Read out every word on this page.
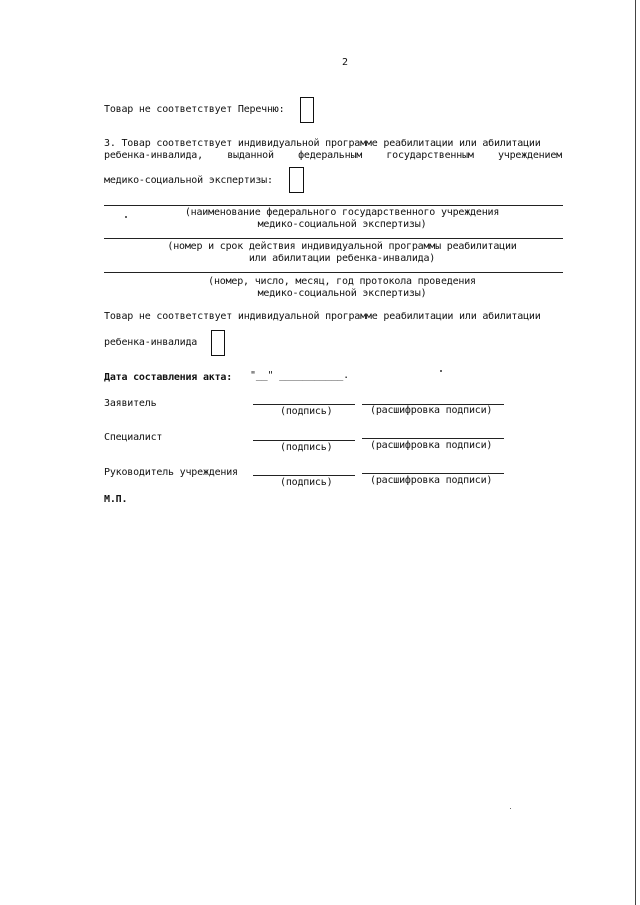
2
Товар не соответствует Перечню:
3. Товар соответствует индивидуальной программе реабилитации или абилитации
ребенка-инвалида, выданной федеральным государственным учреждением
медико-социальной экспертизы:
(наименование федерального государственного учреждения
медико-социальной экспертизы)
(номер и срок действия индивидуальной программы реабилитации
или абилитации ребенка-инвалида)
(номер, число, месяц, год протокола проведения
медико-социальной экспертизы)
Товар не соответствует индивидуальной программе реабилитации или абилитации
ребенка-инвалида
Дата составления акта: "__" ___________.
Заявитель
(подпись)	(расшифровка подписи)
Специалист
(подпись)	(расшифровка подписи)
Руководитель учреждения
(подпись)	(расшифровка подписи)
М.П.
